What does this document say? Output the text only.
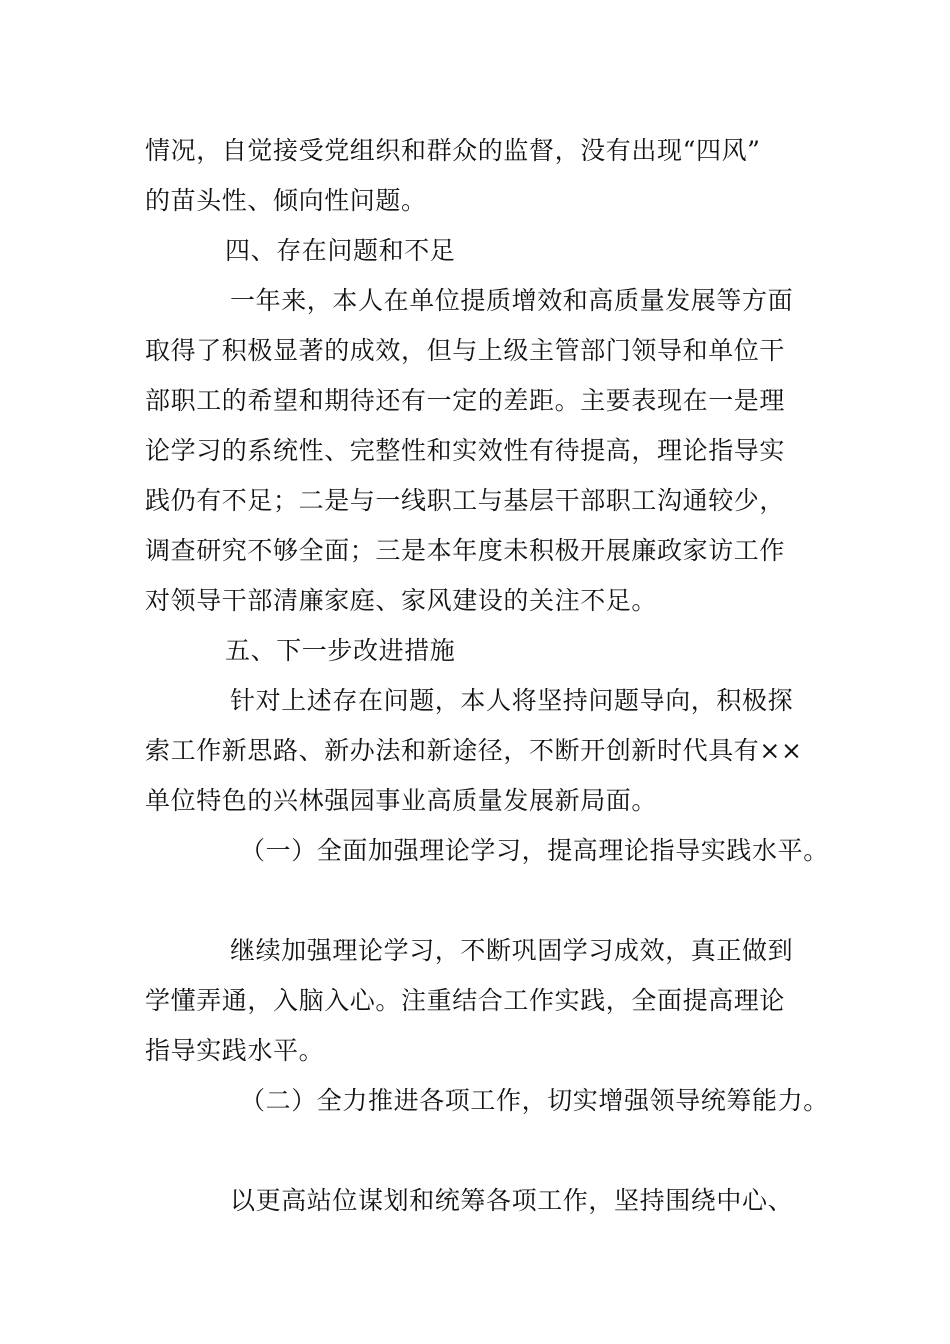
情况，自觉接受党组织和群众的监督，没有出现“四风”
的苗头性、倾向性问题。
四、存在问题和不足
一年来，本人在单位提质增效和高质量发展等方面
取得了积极显著的成效，但与上级主管部门领导和单位干
部职工的希望和期待还有一定的差距。主要表现在一是理
论学习的系统性、完整性和实效性有待提高，理论指导实
践仍有不足；二是与一线职工与基层干部职工沟通较少，
调查研究不够全面；三是本年度未积极开展廉政家访工作
对领导干部清廉家庭、家风建设的关注不足。
五、下一步改进措施
针对上述存在问题，本人将坚持问题导向，积极探
索工作新思路、新办法和新途径，不断开创新时代具有××
单位特色的兴林强园事业高质量发展新局面。
（一）全面加强理论学习，提高理论指导实践水平。
继续加强理论学习，不断巩固学习成效，真正做到
学懂弄通，入脑入心。注重结合工作实践，全面提高理论
指导实践水平。
（二）全力推进各项工作，切实增强领导统筹能力。
以更高站位谋划和统筹各项工作，坚持围绕中心、
